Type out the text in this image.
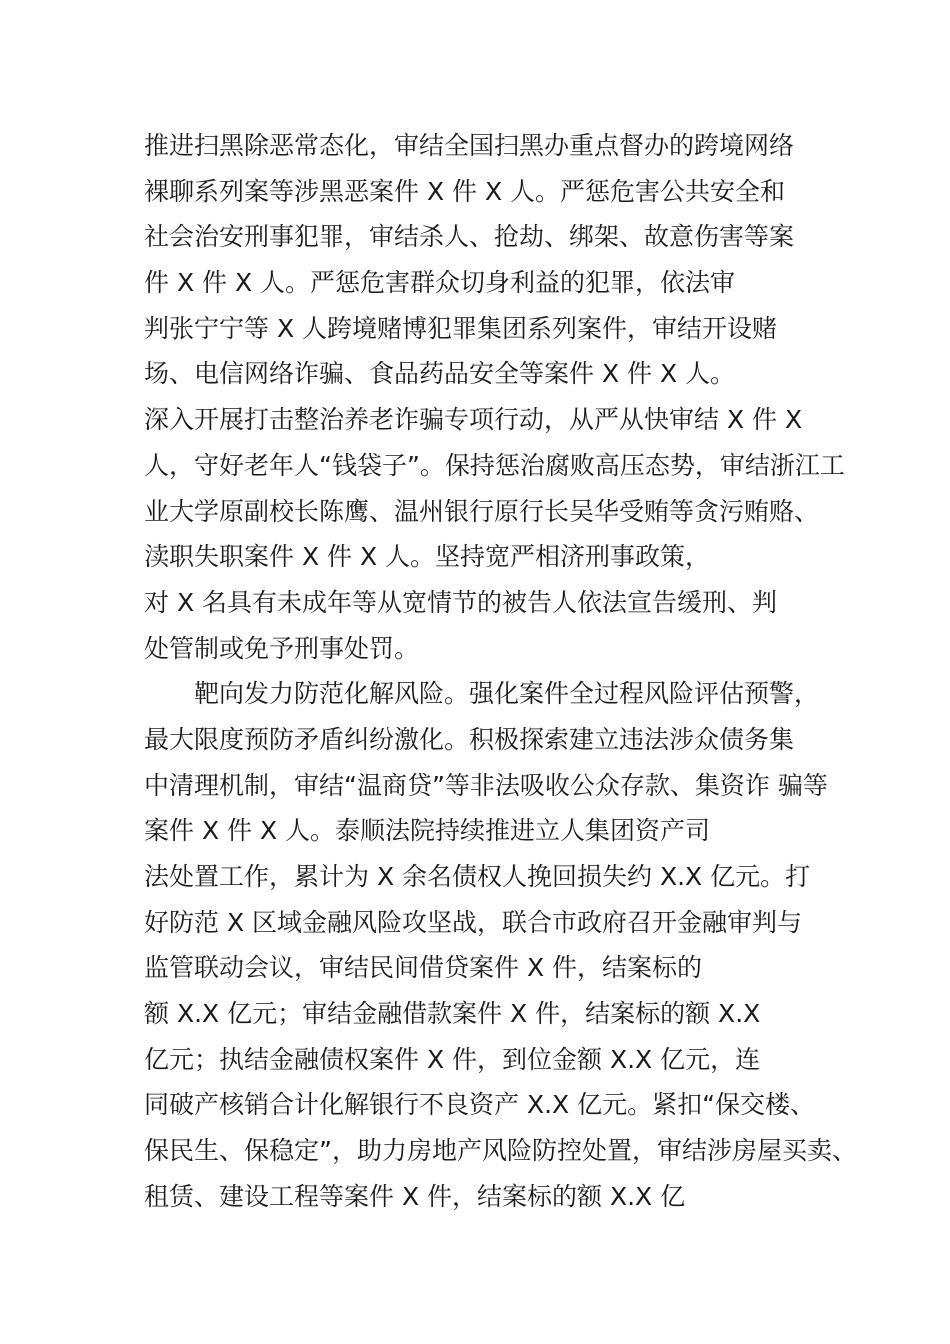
推进扫黑除恶常态化，审结全国扫黑办重点督办的跨境网络
裸聊系列案等涉黑恶案件 X 件 X 人。严惩危害公共安全和
社会治安刑事犯罪，审结杀人、抢劫、绑架、故意伤害等案
件 X 件 X 人。严惩危害群众切身利益的犯罪，依法审
判张宁宁等 X 人跨境赌博犯罪集团系列案件，审结开设赌
场、电信网络诈骗、食品药品安全等案件 X 件 X 人。
深入开展打击整治养老诈骗专项行动，从严从快审结 X 件 X
人，守好老年人“钱袋子”。保持惩治腐败高压态势，审结浙江工
业大学原副校长陈鹰、温州银行原行长吴华受贿等贪污贿赂、
渎职失职案件 X 件 X 人。坚持宽严相济刑事政策，
对 X 名具有未成年等从宽情节的被告人依法宣告缓刑、判
处管制或免予刑事处罚。
靶向发力防范化解风险。强化案件全过程风险评估预警，
最大限度预防矛盾纠纷激化。积极探索建立违法涉众债务集
中清理机制，审结“温商贷”等非法吸收公众存款、集资诈 骗等
案件 X 件 X 人。泰顺法院持续推进立人集团资产司
法处置工作，累计为 X 余名债权人挽回损失约 X.X 亿元。打
好防范 X 区域金融风险攻坚战，联合市政府召开金融审判与
监管联动会议，审结民间借贷案件 X 件，结案标的
额 X.X 亿元；审结金融借款案件 X 件，结案标的额 X.X
亿元；执结金融债权案件 X 件，到位金额 X.X 亿元，连
同破产核销合计化解银行不良资产 X.X 亿元。紧扣“保交楼、
保民生、保稳定”，助力房地产风险防控处置，审结涉房屋买卖、
租赁、建设工程等案件 X 件，结案标的额 X.X 亿
